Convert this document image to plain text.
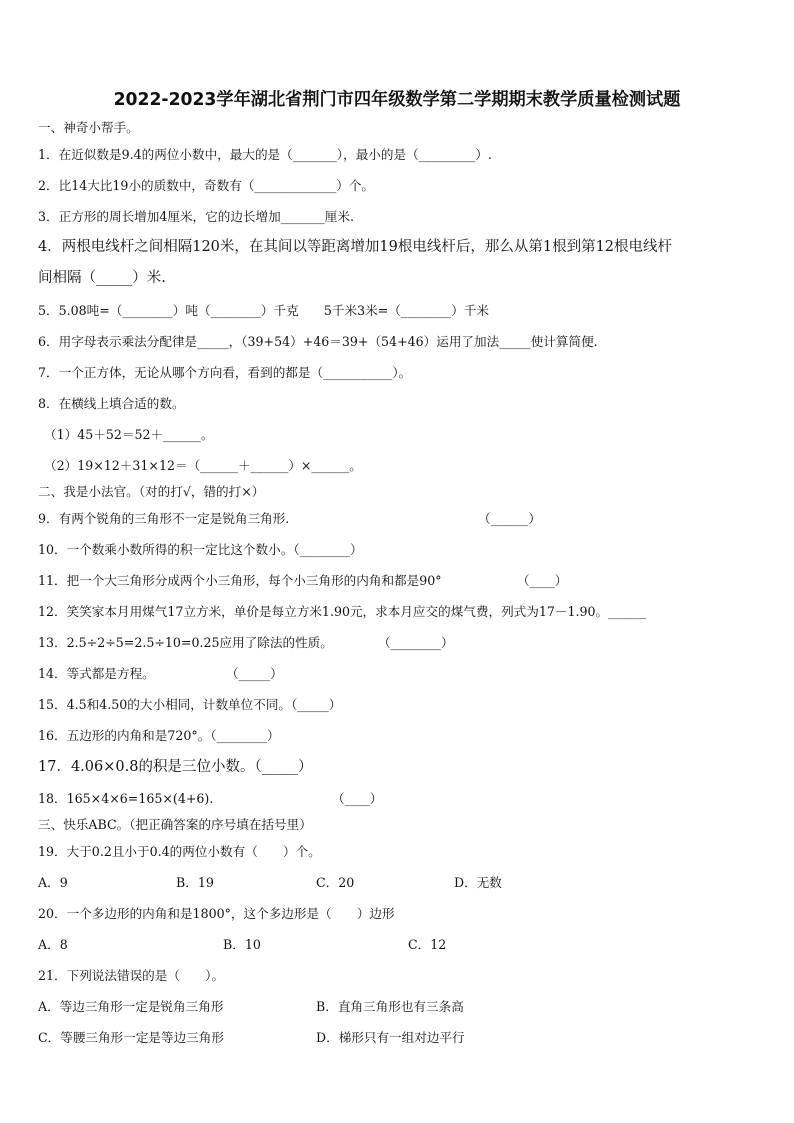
2022-2023学年湖北省荆门市四年级数学第二学期期末教学质量检测试题
一、神奇小帮手。
1．在近似数是9.4的两位小数中，最大的是（_______），最小的是（_________）.
2．比14大比19小的质数中，奇数有（_____________）个。
3．正方形的周长增加4厘米，它的边长增加_______厘米.
4．两根电线杆之间相隔120米，在其间以等距离增加19根电线杆后，那么从第1根到第12根电线杆
间相隔（_____）米.
5．5.08吨=（________）吨（________）千克　　5千米3米=（________）千米
6．用字母表示乘法分配律是_____，（39+54）+46＝39+（54+46）运用了加法_____使计算简便.
7．一个正方体，无论从哪个方向看，看到的都是（___________）。
8．在横线上填合适的数。
（1）45＋52＝52＋______。
（2）19×12＋31×12＝（______＋______）×______。
二、我是小法官。（对的打√，错的打×）
9．有两个锐角的三角形不一定是锐角三角形.	（______）
10．一个数乘小数所得的积一定比这个数小。（________）
11．把一个大三角形分成两个小三角形，每个小三角形的内角和都是90°	（____）
12．笑笑家本月用煤气17立方米，单价是每立方米1.90元，求本月应交的煤气费，列式为17－1.90。______
13．2.5÷2÷5=2.5÷10=0.25应用了除法的性质。	（________）
14．等式都是方程。	（_____）
15．4.5和4.50的大小相同，计数单位不同。（_____）
16．五边形的内角和是720°。（________）
17．4.06×0.8的积是三位小数。（_____）
18．165×4×6=165×(4+6).	（____）
三、快乐ABC。（把正确答案的序号填在括号里）
19．大于0.2且小于0.4的两位小数有（　　）个。
A．9	B．19	C．20	D．无数
20．一个多边形的内角和是1800°，这个多边形是（　　）边形
A．8	B．10	C．12
21．下列说法错误的是（　　）。
A．等边三角形一定是锐角三角形	B．直角三角形也有三条高
C．等腰三角形一定是等边三角形	D．梯形只有一组对边平行
